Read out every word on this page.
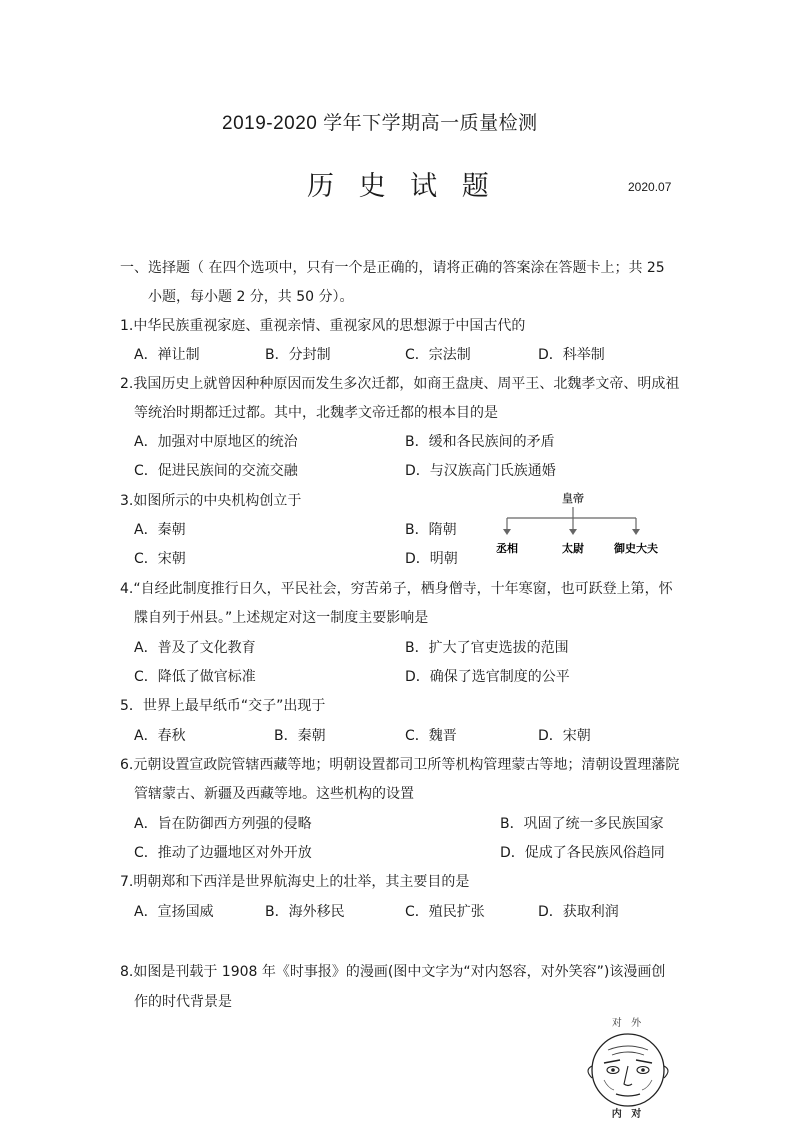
2019-2020 学年下学期高一质量检测
历 史 试 题	2020.07
一、选择题（ 在四个选项中，只有一个是正确的，请将正确的答案涂在答题卡上；共 25
小题，每小题 2 分，共 50 分）。
1.中华民族重视家庭、重视亲情、重视家风的思想源于中国古代的
A．禅让制	B．分封制	C．宗法制	D．科举制
2.我国历史上就曾因种种原因而发生多次迁都，如商王盘庚、周平王、北魏孝文帝、明成祖
等统治时期都迁过都。其中，北魏孝文帝迁都的根本目的是
A．加强对中原地区的统治	B．缓和各民族间的矛盾
C．促进民族间的交流交融	D．与汉族高门氏族通婚
3.如图所示的中央机构创立于
A．秦朝	B．隋朝
C．宋朝	D．明朝
皇帝
丞相	太尉	御史大夫
4.“自经此制度推行日久，平民社会，穷苦弟子，栖身僧寺，十年寒窗，也可跃登上第，怀
牒自列于州县。”上述规定对这一制度主要影响是
A．普及了文化教育	B．扩大了官吏选拔的范围
C．降低了做官标准	D．确保了选官制度的公平
5．世界上最早纸币“交子”出现于
A．春秋	B．秦朝	C．魏晋	D．宋朝
6.元朝设置宣政院管辖西藏等地；明朝设置都司卫所等机构管理蒙古等地；清朝设置理藩院
管辖蒙古、新疆及西藏等地。这些机构的设置
A．旨在防御西方列强的侵略	B．巩固了统一多民族国家
C．推动了边疆地区对外开放	D．促成了各民族风俗趋同
7.明朝郑和下西洋是世界航海史上的壮举，其主要目的是
A．宣扬国威	B．海外移民	C．殖民扩张	D．获取利润
8.如图是刊载于 1908 年《时事报》的漫画(图中文字为“对内怒容，对外笑容”)该漫画创
作的时代背景是
对 外
内 对
